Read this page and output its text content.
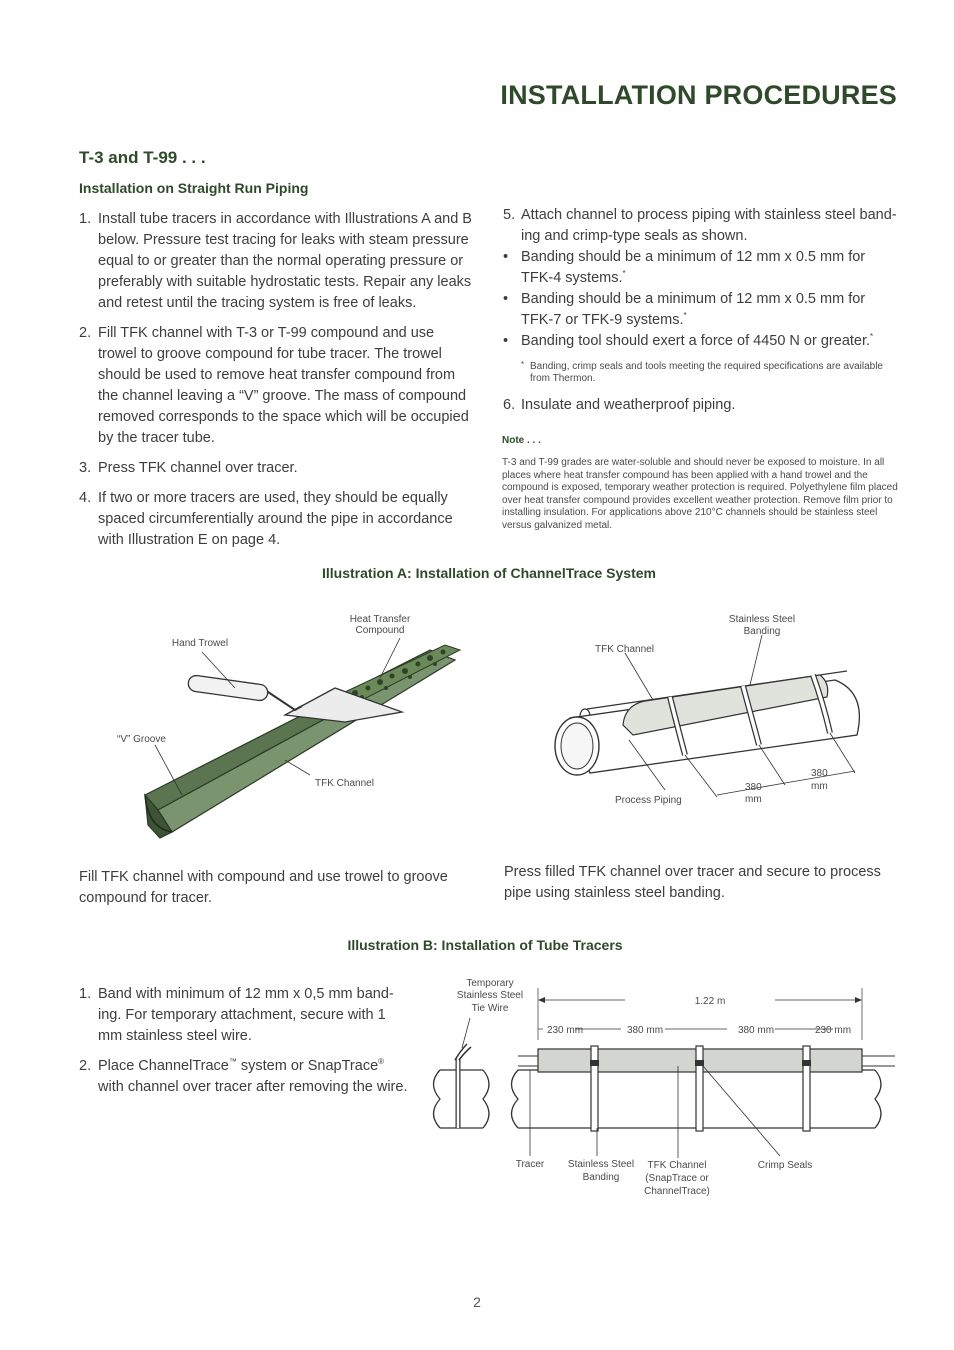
INSTALLATION PROCEDURES
T-3 and T-99 . . .
Installation on Straight Run Piping
1. Install tube tracers in accordance with Illustrations A and B below. Pressure test tracing for leaks with steam pressure equal to or greater than the normal operating pressure or preferably with suitable hydrostatic tests. Repair any leaks and retest until the tracing system is free of leaks.
2. Fill TFK channel with T-3 or T-99 compound and use trowel to groove compound for tube tracer. The trowel should be used to remove heat transfer compound from the channel leaving a “V” groove. The mass of compound removed corresponds to the space which will be occupied by the tracer tube.
3. Press TFK channel over tracer.
4. If two or more tracers are used, they should be equally spaced circumferentially around the pipe in accordance with Illustration E on page 4.
5. Attach channel to process piping with stainless steel band-ing and crimp-type seals as shown.
• Banding should be a minimum of 12 mm x 0.5 mm for TFK-4 systems.*
• Banding should be a minimum of 12 mm x 0.5 mm for TFK-7 or TFK-9 systems.*
• Banding tool should exert a force of 4450 N or greater.*
* Banding, crimp seals and tools meeting the required specifications are available from Thermon.
6. Insulate and weatherproof piping.
Note . . .
T-3 and T-99 grades are water-soluble and should never be exposed to moisture. In all places where heat transfer compound has been applied with a hand trowel and the compound is exposed, temporary weather protection is required. Polyethylene film placed over heat transfer compound provides excellent weather protection. Remove film prior to installing insulation. For applications above 210°C channels should be stainless steel versus galvanized metal.
Illustration A: Installation of ChannelTrace System
Heat Transfer
Compound
Hand Trowel
“V” Groove
TFK Channel
Stainless Steel
Banding
TFK Channel
Process Piping
380
mm
380
mm
Fill TFK channel with compound and use trowel to groove compound for tracer.
Press filled TFK channel over tracer and secure to process pipe using stainless steel banding.
Illustration B: Installation of Tube Tracers
1. Band with minimum of 12 mm x 0,5 mm band-ing. For temporary attachment, secure with 1 mm stainless steel wire.
2. Place ChannelTrace™ system or SnapTrace® with channel over tracer after removing the wire.
Temporary
Stainless Steel
Tie Wire
1.22 m
230 mm	380 mm	380 mm	230 mm
Tracer Stainless Steel
Banding
TFK Channel
(SnapTrace or
ChannelTrace)
Crimp Seals
2
